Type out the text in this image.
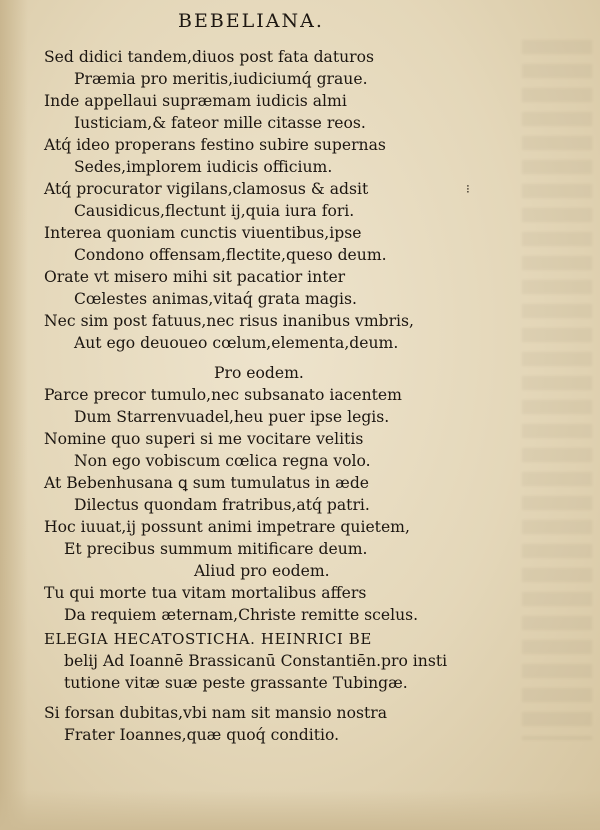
BEBELIANA.
Sed didici tandem,diuos post fata daturos
Præmia pro meritis,iudiciumq́ graue.
Inde appellaui supræmam iudicis almi
Iusticiam,& fateor mille citasse reos.
Atq́ ideo properans festino subire supernas
Sedes,implorem iudicis officium.
Atq́ procurator vigilans,clamosus & adsit
Causidicus,flectunt ij,quia iura fori.
Interea quoniam cunctis viuentibus,ipse
Condono offensam,flectite,queso deum.
Orate vt misero mihi sit pacatior inter
Cœlestes animas,vitaq́ grata magis.
Nec sim post fatuus,nec risus inanibus vmbris,
Aut ego deuoueo cœlum,elementa,deum.
Pro eodem.
Parce precor tumulo,nec subsanato iacentem
Dum Starrenvuadel,heu puer ipse legis.
Nomine quo superi si me vocitare velitis
Non ego vobiscum cœlica regna volo.
At Bebenhusana ꝗ sum tumulatus in æde
Dilectus quondam fratribus,atq́ patri.
Hoc iuuat,ij possunt animi impetrare quietem,
Et precibus summum mitificare deum.
Aliud pro eodem.
Tu qui morte tua vitam mortalibus affers
Da requiem æternam,Christe remitte scelus.
ELEGIA HECATOSTICHA. HEINRICI BE
belij Ad Ioannē Brassicanū Constantiēn.pro insti
tutione vitæ suæ peste grassante Tubingæ.
Si forsan dubitas,vbi nam sit mansio nostra
Frater Ioannes,quæ quoq́ conditio.
⁝
